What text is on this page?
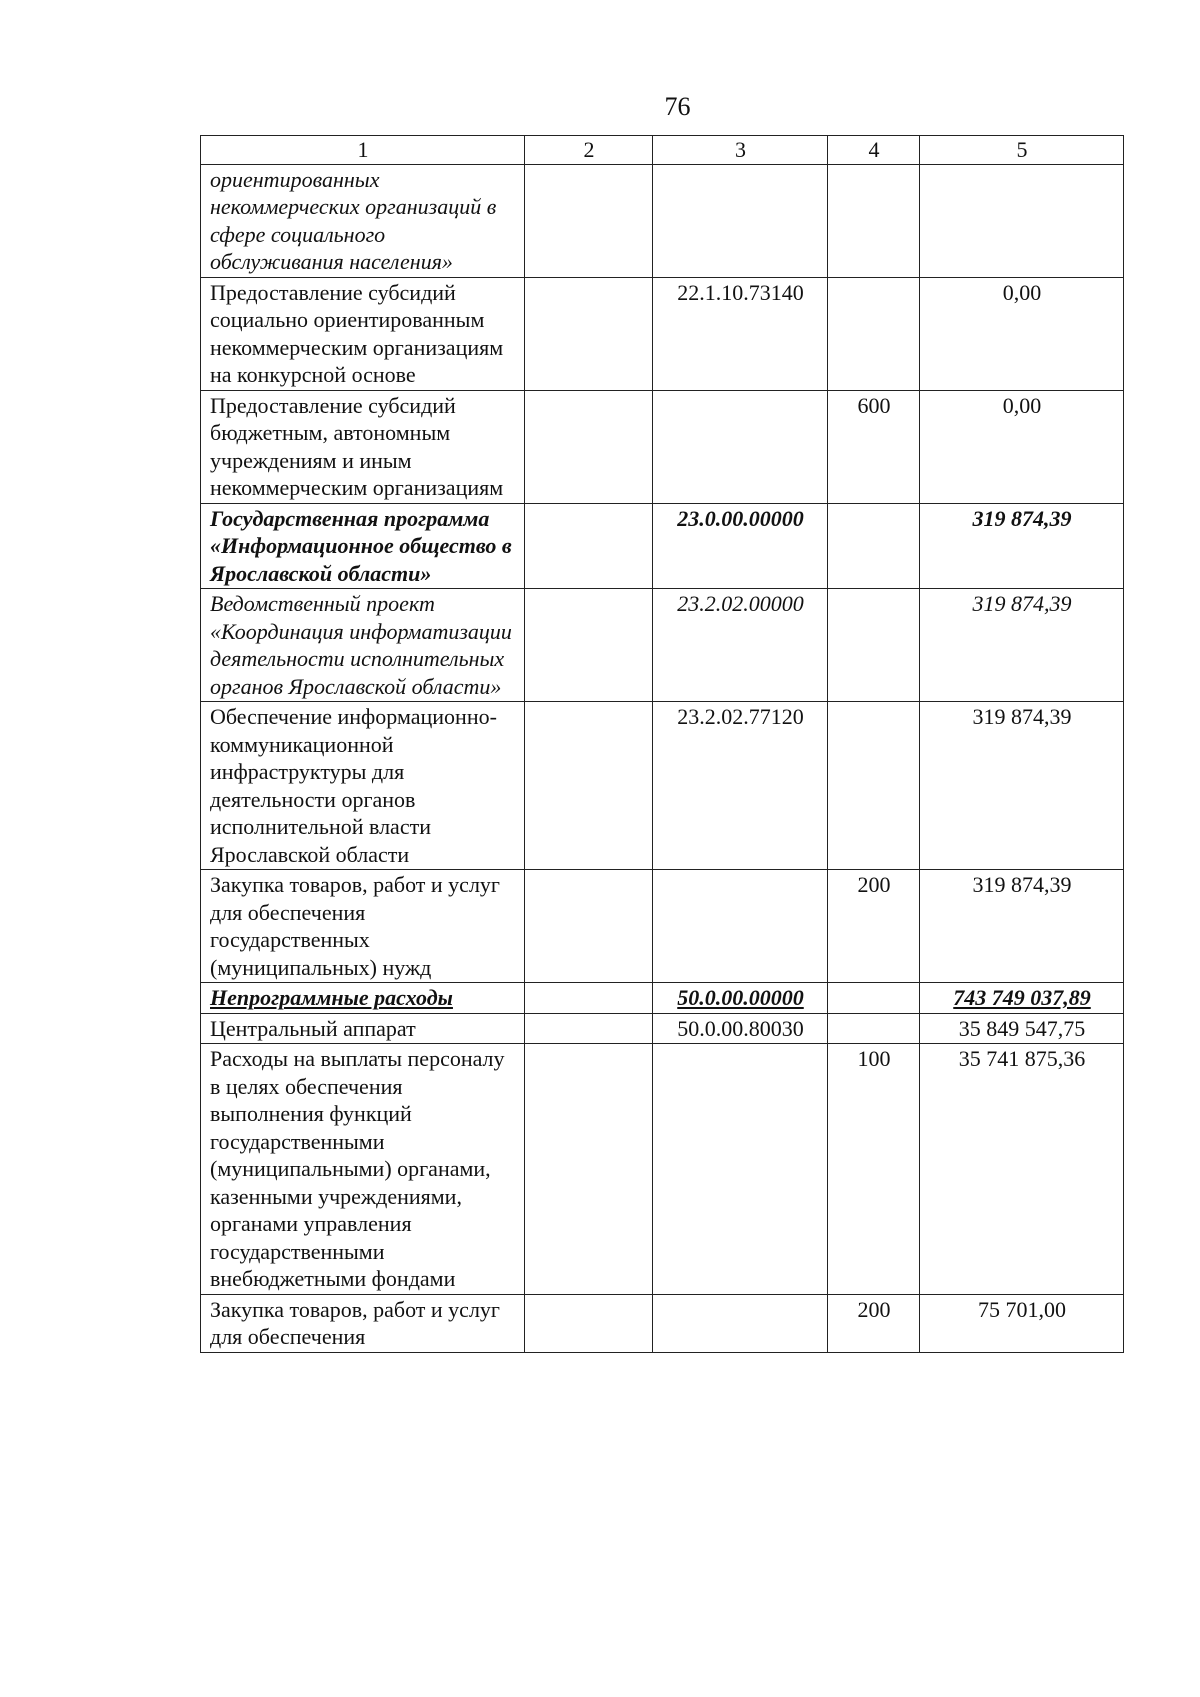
76
1	2	3	4	5
ориентированных некоммерческих организаций в сфере социального обслуживания населения»				
Предоставление субсидий социально ориентированным некоммерческим организациям на конкурсной основе		22.1.10.73140		0,00
Предоставление субсидий бюджетным, автономным учреждениям и иным некоммерческим организациям			600	0,00
Государственная программа «Информационное общество в Ярославской области»		23.0.00.00000		319 874,39
Ведомственный проект «Координация информатизации деятельности исполнительных органов Ярославской области»		23.2.02.00000		319 874,39
Обеспечение информационно-коммуникационной инфраструктуры для деятельности органов исполнительной власти Ярославской области		23.2.02.77120		319 874,39
Закупка товаров, работ и услуг для обеспечения государственных (муниципальных) нужд			200	319 874,39
Непрограммные расходы		50.0.00.00000		743 749 037,89
Центральный аппарат		50.0.00.80030		35 849 547,75
Расходы на выплаты персоналу в целях обеспечения выполнения функций государственными (муниципальными) органами, казенными учреждениями, органами управления государственными внебюджетными фондами			100	35 741 875,36
Закупка товаров, работ и услуг для обеспечения			200	75 701,00
